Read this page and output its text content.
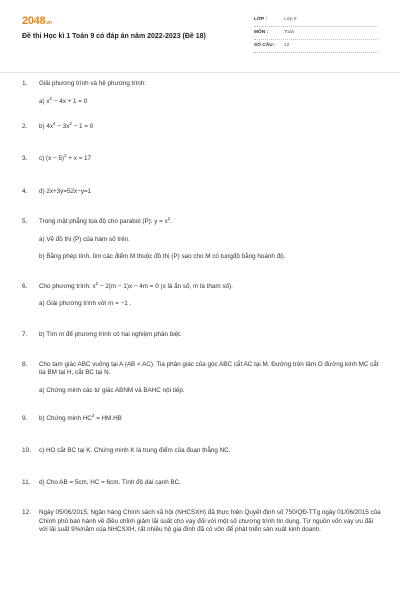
2048.vn
Đề thi Học kì 1 Toán 9 có đáp án năm 2022-2023 (Đề 18)
LỚP :	Lớp 9
MÔN :	Toán
SỐ CÂU :	12
1.	Giải phương trình và hệ phương trình:
a) $x^2 - 4x + 1 = 0$
2.	b) $4x^4 - 3x^2 - 1 = 0$
3.	c) $(x - 5)^2 + x = 17$
4.	d) 2x+3y=52x−y=1
5.	Trong mặt phẳng tọa độ cho parabol (P): $y = x^2$.
a) Vẽ đồ thị (P) của hàm số trên.
b) Bằng phép tính, tìm các điểm M thuộc đồ thị (P) sao cho M có tungđộ bằng hoành độ.
6.	Cho phương trình: $x^2 - 2(m - 1)x - 4m = 0$ (x là ẩn số, m là tham số).
a) Giải phương trình với m = −1 .
7.	b) Tìm m để phương trình có hai nghiệm phân biệt.
8.	Cho tam giác ABC vuông tại A (AB < AC). Tia phân giác của góc ABC cắt AC tại M. Đường tròn tâm O đường kính MC cắt tia BM tại H, cắt BC tại N.
a) Chứng minh các tứ giác ABNM và BAHC nội tiếp.
9.	b) Chứng minh $HC^2 = HM.HB$
10.	c) HO cắt BC tại K. Chứng minh K là trung điểm của đoạn thẳng NC.
11.	d) Cho AB = 5cm, HC = 6cm. Tính độ dài cạnh BC.
12.	Ngày 05/06/2015, Ngân hàng Chính sách xã hội (NHCSXH) đã thực hiện Quyết định số 750/QĐ-TTg ngày 01/06/2015 của Chính phủ ban hành về điều chỉnh giảm lãi suất cho vay đối với một số chương trình tín dụng. Từ nguồn vốn vay ưu đãi với lãi suất 9%/năm của NHCSXH, rất nhiều hộ gia đình đã có vốn để phát triển sản xuất kinh doanh.
